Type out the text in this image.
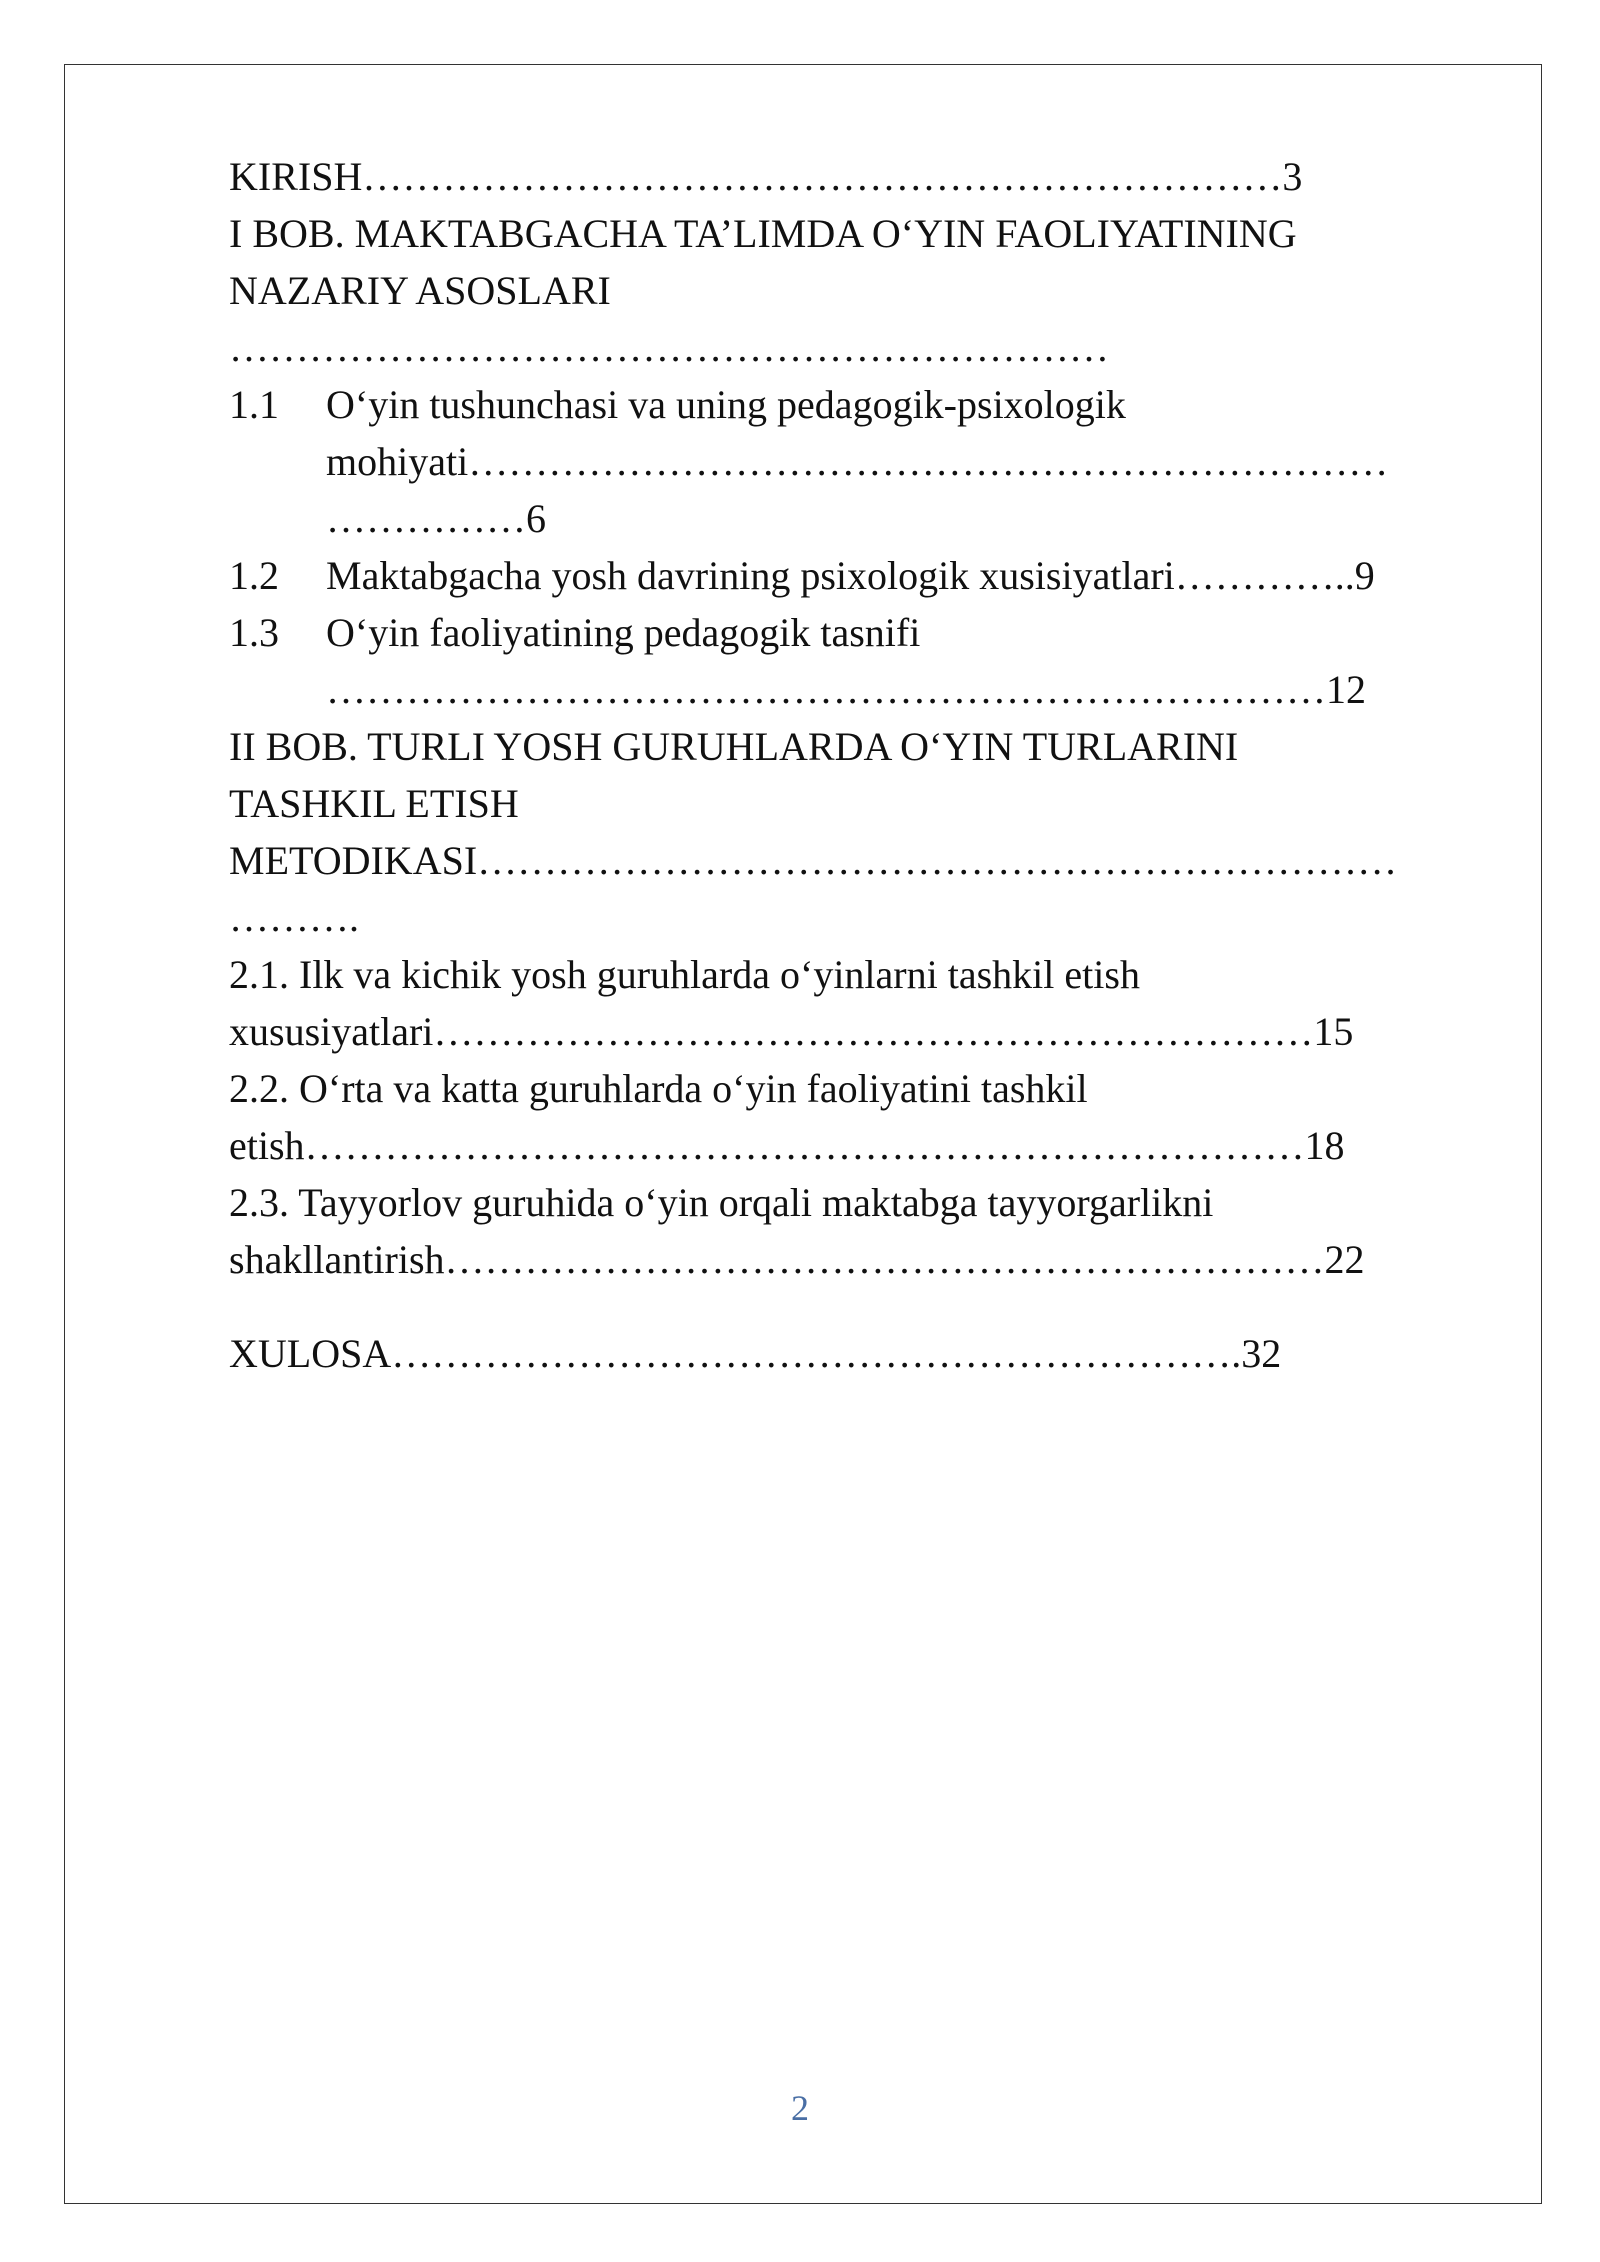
KIRISH……………………………………………………………3
I BOB. MAKTABGACHA TA’LIMDA O‘YIN FAOLIYATINING
NAZARIY ASOSLARI
…………………………………………………………
1.1 O‘yin tushunchasi va uning pedagogik-psixologik
mohiyati……………………………………………………………
……………6
1.2 Maktabgacha yosh davrining psixologik xusisiyatlari…………..9
1.3 O‘yin faoliyatining pedagogik tasnifi
…………………………………………………………………12
II BOB. TURLI YOSH GURUHLARDA O‘YIN TURLARINI
TASHKIL ETISH
METODIKASI……………………………………………………………
……….
2.1. Ilk va kichik yosh guruhlarda o‘yinlarni tashkil etish
xususiyatlari…………………………………………………………15
2.2. O‘rta va katta guruhlarda o‘yin faoliyatini tashkil
etish…………………………………………………………………18
2.3. Tayyorlov guruhida o‘yin orqali maktabga tayyorgarlikni
shakllantirish…………………………………………………………22
XULOSA……………………………………………………….32
2
